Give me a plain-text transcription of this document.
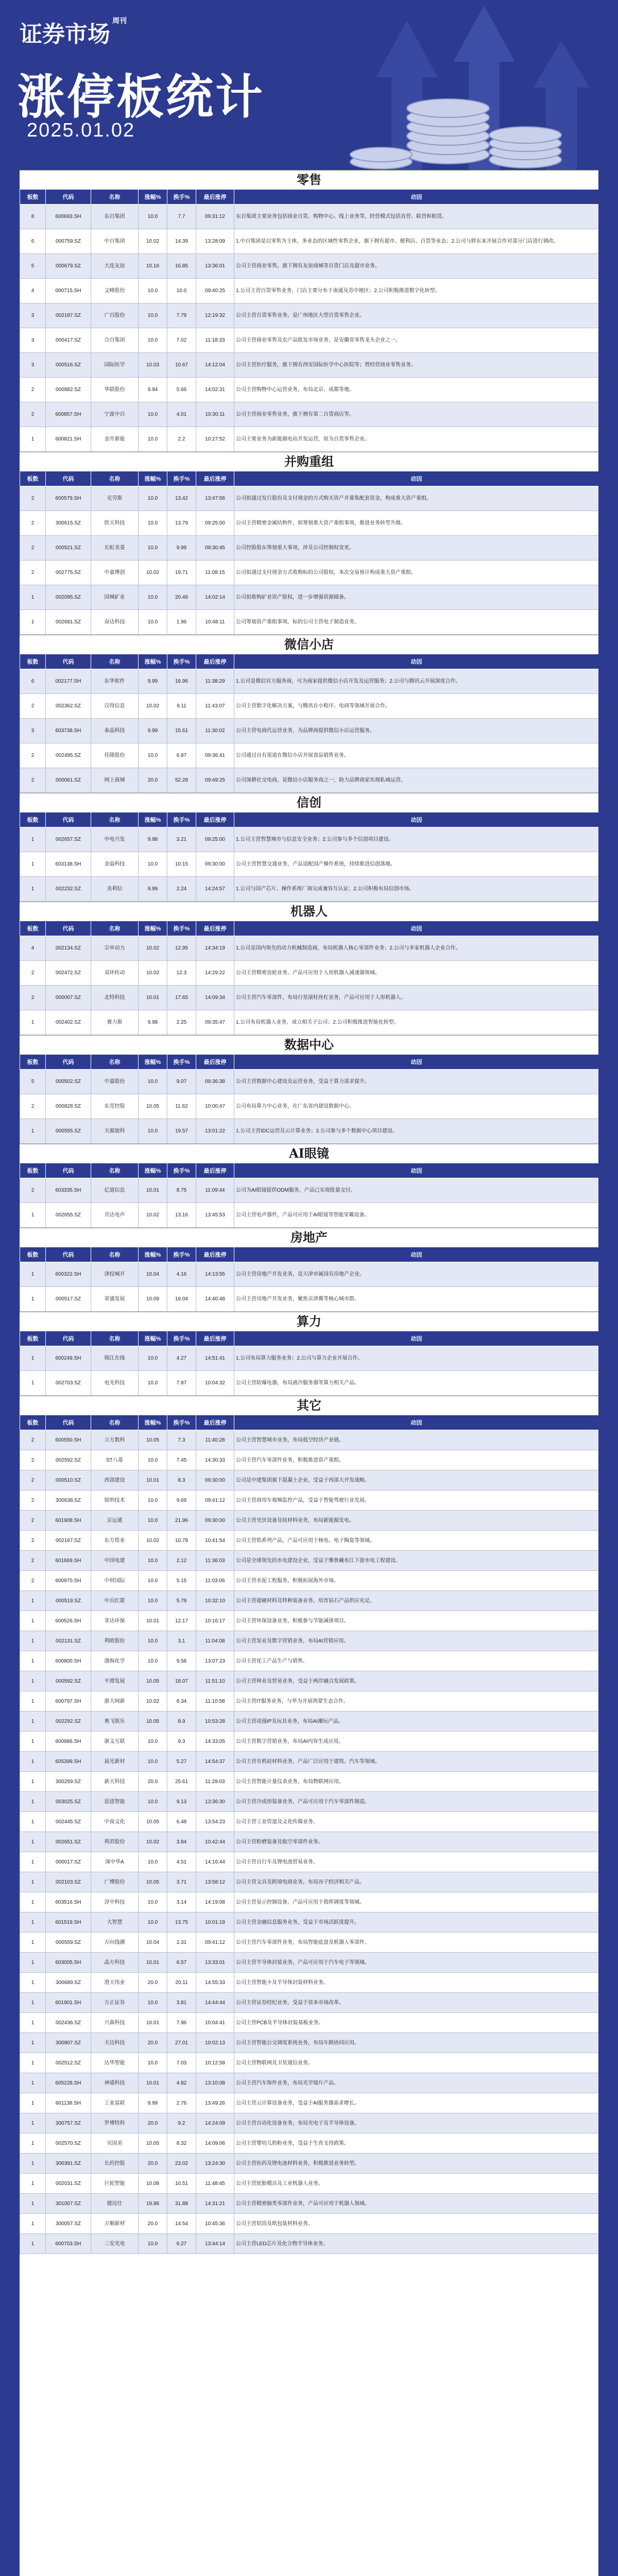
证券市场 $^{周刊}$
涨停板统计
2025.01.02
零售
板数	代码	名称	涨幅%	换手%	最后涨停	动因
8	600693.SH	东百集团	10.0	7.7	09:31:12	东百集团主要业务包括商业百货、购物中心、线上业务等，经营模式包括直营、联营和租赁。
6	000759.SZ	中百集团	10.02	14.39	13:28:09	1.中百集团是以零售为主体，多业态的区域性零售企业，旗下拥有超市、便利店、百货等业态；2.公司与胖东来开展合作对部分门店进行调改。
5	000679.SZ	大连友谊	10.16	16.85	13:36:01	公司主营商业零售，旗下拥有友谊商城等百货门店及超市业务。
4	000715.SH	文峰股份	10.0	10.0	09:40:25	1.公司主营百货零售业务，门店主要分布于南通及苏中地区；2.公司积极推进数字化转型。
3	002187.SZ	广百股份	10.0	7.79	12:19:32	公司主营百货零售业务，是广州地区大型百货零售企业。
3	000417.SZ	合百集团	10.0	7.02	11:18:33	公司主营商业零售及农产品批发市场业务，是安徽省零售龙头企业之一。
3	000516.SZ	国际医学	10.03	10.67	14:12:04	公司主营医疗服务，旗下拥有西安国际医学中心医院等；曾经营商业零售业务。
2	000882.SZ	华联股份	9.94	5.66	14:02:31	公司主营购物中心运营业务，布局北京、成都等地。
2	600857.SH	宁波中百	10.0	4.01	10:30:11	公司主营商业零售业务，旗下拥有第二百货商店等。
1	600821.SH	金开新能	10.0	2.2	10:27:52	公司主要业务为新能源电站开发运营，原为百货零售企业。
并购重组
板数	代码	名称	涨幅%	换手%	最后涨停	动因
2	600579.SH	克劳斯	10.0	13.42	13:47:56	公司拟通过发行股份及支付现金的方式购买资产并募集配套资金，构成重大资产重组。
2	300615.SZ	欣天科技	10.0	13.79	09:25:00	公司主营精密金属结构件，拟筹划重大资产重组事项，推进业务转型升级。
2	000521.SZ	长虹美菱	10.0	9.99	09:30:45	公司控股股东筹划重大事项，涉及公司控制权变更。
2	002775.SZ	中嘉博创	10.02	19.71	11:08:15	公司拟通过支付现金方式收购标的公司股权，本次交易预计构成重大资产重组。
1	002095.SZ	国城矿业	10.0	20.46	14:02:14	公司拟收购矿业资产股权，进一步增强资源储备。
1	002681.SZ	奋达科技	10.0	1.96	10:48:11	公司筹划资产重组事项，标的公司主营电子制造业务。
微信小店
板数	代码	名称	涨幅%	换手%	最后涨停	动因
6	002177.SH	东华软件	9.99	16.96	11:38:29	1.公司是微信官方服务商，可为商家提供微信小店开发及运营服务；2.公司与腾讯云开展深度合作。
2	002362.SZ	汉得信息	10.02	9.11	11:43:07	公司主营数字化解决方案，与腾讯在小程序、电商等领域开展合作。
3	603738.SH	泰晶科技	9.99	15.61	11:30:02	公司主营电商代运营业务，为品牌商提供微信小店运营服务。
2	002495.SZ	佳隆股份	10.0	6.87	09:36:41	公司通过自有渠道在微信小店开展食品销售业务。
2	000061.SZ	网上商城	20.0	52.28	09:49:25	公司深耕社交电商，是微信小店服务商之一，助力品牌商家实现私域运营。
信创
板数	代码	名称	涨幅%	换手%	最后涨停	动因
1	002657.SZ	中电兴发	9.98	3.21	09:25:00	1.公司主营智慧城市与信息安全业务；2.公司参与多个信创项目建设。
1	603138.SH	金溢科技	10.0	10.15	09:30:00	公司主营智慧交通业务，产品适配国产操作系统，持续推进信创落地。
1	002232.SZ	美利信	9.99	2.24	14:24:57	1.公司与国产芯片、操作系统厂商完成兼容互认证；2.公司积极布局信创市场。
机器人
板数	代码	名称	涨幅%	换手%	最后涨停	动因
4	002134.SZ	宗申动力	10.02	12.95	14:34:19	1.公司是国内领先的动力机械制造商，布局机器人核心零部件业务；2.公司与多家机器人企业合作。
2	002472.SZ	双环传动	10.02	12.3	14:29:22	公司主营精密齿轮业务，产品可应用于人形机器人减速器领域。
2	000007.SZ	北特科技	10.01	17.65	14:09:34	公司主营汽车零部件，布局行星滚柱丝杠业务，产品可应用于人形机器人。
1	002402.SZ	赛力斯	9.98	2.25	09:35:47	1.公司布局机器人业务，成立相关子公司；2.公司积极推进智能化转型。
数据中心
板数	代码	名称	涨幅%	换手%	最后涨停	动因
5	000502.SZ	中嘉股份	10.0	9.07	09:36:38	公司主营数据中心建设及运营业务，受益于算力需求提升。
2	000828.SZ	东莞控股	10.05	11.62	10:00:47	公司布局算力中心业务，在广东省内建设数据中心。
1	000555.SZ	天源迪科	10.0	19.57	13:01:22	1.公司主营IDC运营及云计算业务；2.公司参与多个数据中心项目建设。
AI眼镜
板数	代码	名称	涨幅%	换手%	最后涨停	动因
2	603335.SH	亿道信息	10.01	8.75	11:09:44	公司为AI眼镜提供ODM服务，产品已实现批量交付。
1	002655.SZ	共达电声	10.02	13.16	13:45:53	公司主营电声器件，产品可应用于AI眼镜等智能穿戴设备。
房地产
板数	代码	名称	涨幅%	换手%	最后涨停	动因
1	600322.SH	津投城开	10.04	4.16	14:13:55	公司主营房地产开发业务，是天津市属国有房地产企业。
1	000517.SZ	荣盛发展	10.09	16.04	14:40:48	公司主营房地产开发业务，聚焦京津冀等核心城市群。
算力
板数	代码	名称	涨幅%	换手%	最后涨停	动因
1	600249.SH	锦江在线	10.0	4.27	14:51:41	1.公司布局算力服务业务；2.公司与算力企业开展合作。
1	002703.SZ	电光科技	10.0	7.87	10:04:32	公司主营防爆电器，布局液冷服务器等算力相关产品。
其它
板数	代码	名称	涨幅%	换手%	最后涨停	动因
2	600550.SH	立方数科	10.05	7.3	11:40:28	公司主营智慧城市业务，布局低空经济产业链。
2	002592.SZ	ST八菱	10.0	7.45	14:30:33	公司主营汽车零部件业务，积极推进资产重组。
2	000510.SZ	西部建设	10.01	8.3	09:30:00	公司是中建集团旗下混凝土企业，受益于西部大开发战略。
2	300638.SZ	锐明技术	10.0	9.69	09:41:12	公司主营商用车视频监控产品，受益于智能驾驶行业发展。
2	601908.SH	京运通	10.0	21.96	09:30:00	公司主营光伏设备及硅材料业务，布局新能源发电。
2	002167.SZ	东方锆业	10.02	10.78	10:41:54	公司主营锆系列产品，产品可应用于核电、电子陶瓷等领域。
2	601669.SH	中国电建	10.0	2.12	11:36:03	公司是全球领先的水电建设企业，受益于雅鲁藏布江下游水电工程建设。
2	600970.SH	中材国际	10.0	5.15	11:03:06	公司主营水泥工程服务，积极拓展海外市场。
1	000519.SZ	中兵红箭	10.0	5.79	10:32:10	公司主营超硬材料及特种装备业务，培育钻石产品供应充足。
1	600526.SH	菲达环保	10.01	12.17	10:16:17	公司主营环保设备业务，积极参与节能减排项目。
1	002131.SZ	利欧股份	10.0	3.1	11:04:08	公司主营泵业及数字营销业务，布局AI营销应用。
1	600800.SH	渤海化学	10.0	9.58	13:07:23	公司主营化工产品生产与销售。
1	000592.SZ	平潭发展	10.05	18.07	11:51:10	公司主营林业及贸易业务，受益于两岸融合发展政策。
1	600797.SH	浙大网新	10.02	8.34	11:10:58	公司主营IT服务业务，与华为开展鸿蒙生态合作。
1	002292.SZ	奥飞娱乐	10.05	8.9	10:53:28	公司主营动漫IP及玩具业务，布局AI潮玩产品。
1	600986.SH	浙文互联	10.0	9.3	14:33:05	公司主营数字营销业务，布局AI内容生成应用。
1	605399.SH	晨光新材	10.0	5.27	14:54:37	公司主营有机硅材料业务，产品广泛应用于建筑、汽车等领域。
1	300259.SZ	新天科技	20.0	25.61	11:29:03	公司主营智能计量仪表业务，布局物联网应用。
1	003025.SZ	思进智能	10.0	9.13	13:36:30	公司主营冷成形装备业务，产品可应用于汽车零部件制造。
1	002445.SZ	中南文化	10.05	6.48	13:54:23	公司主营工业管道及文化传媒业务。
1	002651.SZ	利君股份	10.02	3.84	10:42:44	公司主营粉磨装备及航空零部件业务。
1	000017.SZ	深中华A	10.0	4.51	14:16:44	公司主营自行车及锂电池贸易业务。
1	002103.SZ	广博股份	10.05	3.71	13:58:12	公司主营文具及跨境电商业务，布局谷子经济相关产品。
1	603516.SH	淳中科技	10.0	3.14	14:19:08	公司主营显示控制设备，产品可应用于指挥调度等领域。
1	601519.SH	大智慧	10.0	13.75	10:01:19	公司主营金融信息服务业务，受益于市场活跃度提升。
1	000559.SZ	万向钱潮	10.04	2.31	09:41:12	公司主营汽车零部件业务，布局智能底盘及机器人零部件。
1	603005.SH	晶方科技	10.01	6.57	13:33:01	公司主营半导体封装业务，产品可应用于汽车电子等领域。
1	300689.SZ	澄天伟业	20.0	20.11	14:55:33	公司主营智能卡及半导体封装材料业务。
1	601901.SH	方正证券	10.0	3.81	14:44:44	公司主营证券经纪业务，受益于资本市场改革。
1	002436.SZ	兴森科技	10.01	7.96	10:04:41	公司主营PCB及半导体封装基板业务。
1	300807.SZ	天迈科技	20.0	27.01	10:02:13	公司主营智能公交调度系统业务，布局车路协同应用。
1	002512.SZ	达华智能	10.0	7.03	10:12:58	公司主营物联网及卫星通信业务。
1	605228.SH	神通科技	10.01	4.82	13:10:08	公司主营汽车饰件业务，布局光学镜片产品。
1	601138.SH	工业富联	9.99	2.76	13:49:26	公司主营云计算设备业务，受益于AI服务器需求增长。
1	300757.SZ	罗博特科	20.0	9.2	14:24:09	公司主营自动化设备业务，布局光电子及半导体设备。
1	002570.SZ	贝因美	10.05	8.32	14:09:06	公司主营婴幼儿奶粉业务，受益于生育支持政策。
1	300391.SZ	长药控股	20.0	23.02	13:24:30	公司主营医药及锂电池材料业务，积极推进业务转型。
1	002031.SZ	巨轮智能	10.08	10.51	11:48:45	公司主营轮胎模具及工业机器人业务。
1	301007.SZ	德迈仕	19.96	31.88	14:31:21	公司主营精密轴类零部件业务，产品可应用于机器人领域。
1	300057.SZ	万顺新材	20.0	14.54	10:45:36	公司主营铝箔及纸包装材料业务。
1	600703.SH	三安光电	10.0	6.27	13:44:14	公司主营LED芯片及化合物半导体业务。
